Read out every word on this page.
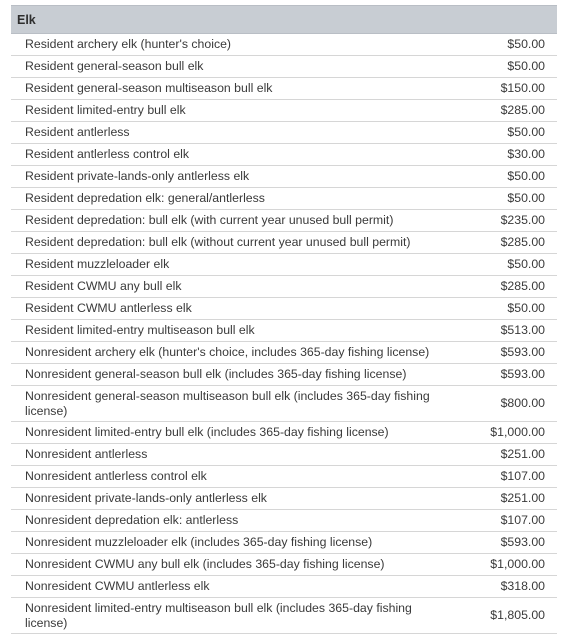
Elk	
Resident archery elk (hunter's choice)	$50.00
Resident general-season bull elk	$50.00
Resident general-season multiseason bull elk	$150.00
Resident limited-entry bull elk	$285.00
Resident antlerless	$50.00
Resident antlerless control elk	$30.00
Resident private-lands-only antlerless elk	$50.00
Resident depredation elk: general/antlerless	$50.00
Resident depredation: bull elk (with current year unused bull permit)	$235.00
Resident depredation: bull elk (without current year unused bull permit)	$285.00
Resident muzzleloader elk	$50.00
Resident CWMU any bull elk	$285.00
Resident CWMU antlerless elk	$50.00
Resident limited-entry multiseason bull elk	$513.00
Nonresident archery elk (hunter's choice, includes 365-day fishing license)	$593.00
Nonresident general-season bull elk (includes 365-day fishing license)	$593.00
Nonresident general-season multiseason bull elk (includes 365-day fishing license)	$800.00
Nonresident limited-entry bull elk (includes 365-day fishing license)	$1,000.00
Nonresident antlerless	$251.00
Nonresident antlerless control elk	$107.00
Nonresident private-lands-only antlerless elk	$251.00
Nonresident depredation elk: antlerless	$107.00
Nonresident muzzleloader elk (includes 365-day fishing license)	$593.00
Nonresident CWMU any bull elk (includes 365-day fishing license)	$1,000.00
Nonresident CWMU antlerless elk	$318.00
Nonresident limited-entry multiseason bull elk (includes 365-day fishing license)	$1,805.00
